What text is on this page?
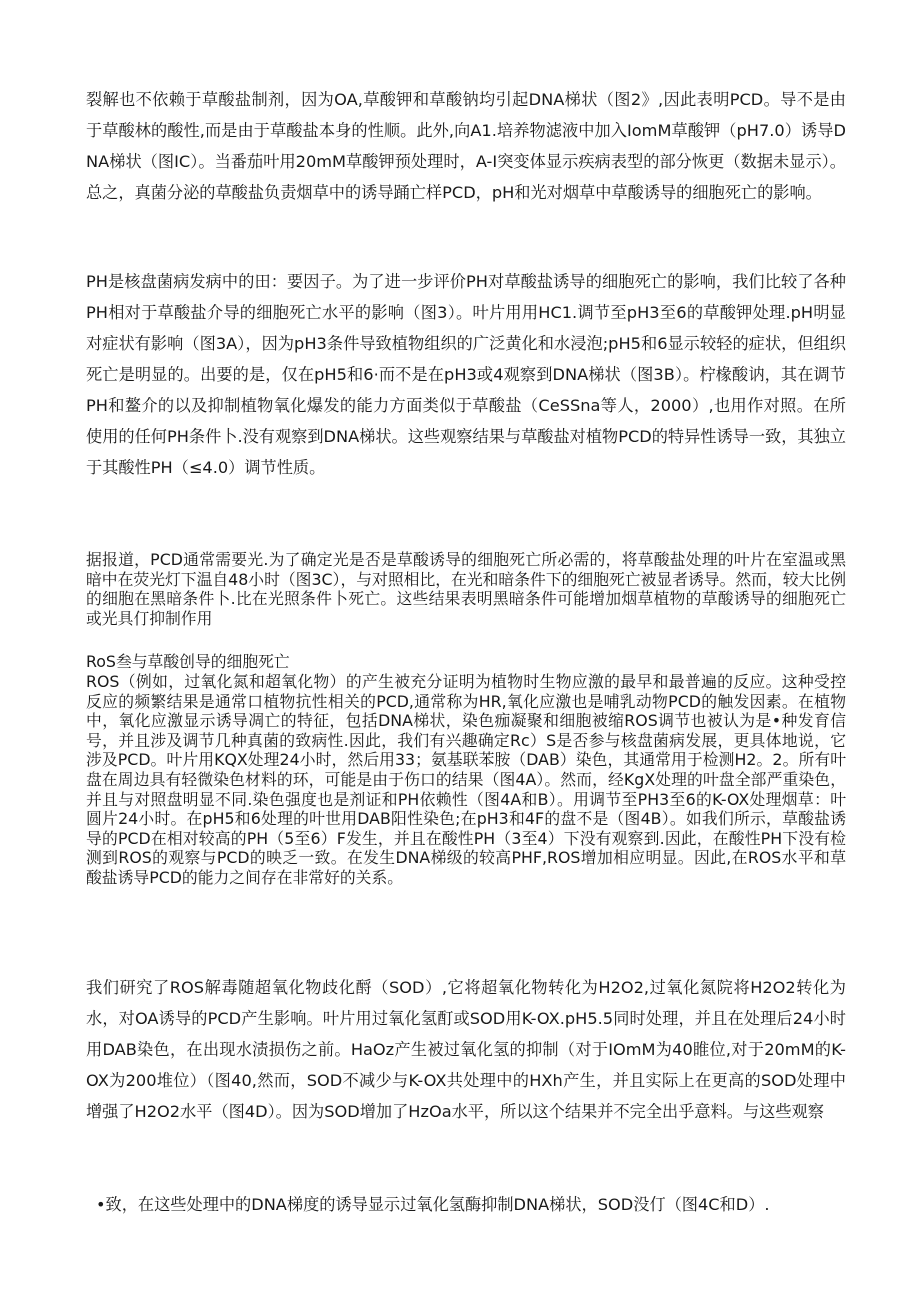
裂解也不依赖于草酸盐制剂，因为OA,草酸钾和草酸钠均引起DNA梯状（图2》,因此表明PCD。导不是由于草酸林的酸性,而是由于草酸盐本身的性顺。此外,向A1.培养物滤液中加入IomM草酸钾（pH7.0）诱导DNA梯状（图IC）。当番茄叶用20mM草酸钾预处理时，A-I突变体显示疾病表型的部分恢更（数据未显示）。总之，真菌分泌的草酸盐负责烟草中的诱导踊亡样PCD，pH和光对烟草中草酸诱导的细胞死亡的影响。

PH是核盘菌病发病中的田：要因子。为了进一步评价PH对草酸盐诱导的细胞死亡的影响，我们比较了各种PH相对于草酸盐介导的细胞死亡水平的影响（图3）。叶片用用HC1.调节至pH3至6的草酸钾处理.pH明显对症状有影响（图3A），因为pH3条件导致植物组织的广泛黄化和水浸泡;pH5和6显示较轻的症状，但组织死亡是明显的。出要的是，仅在pH5和6·而不是在pH3或4观察到DNA梯状（图3B）。柠椽酸讷，其在调节PH和鳌介的以及抑制植物氧化爆发的能力方面类似于草酸盐（CeSSna等人，2000）,也用作对照。在所使用的任何PH条件卜.没有观察到DNA梯状。这些观察结果与草酸盐对植物PCD的特异性诱导一致，其独立于其酸性PH（≤4.0）调节性质。

据报道，PCD通常需要光.为了确定光是否是草酸诱导的细胞死亡所必需的，将草酸盐处理的叶片在室温或黑暗中在荧光灯下温自48小时（图3C），与对照相比，在光和暗条件下的细胞死亡被显者诱导。然而，较大比例的细胞在黑暗条件卜.比在光照条件卜死亡。这些结果表明黑暗条件可能增加烟草植物的草酸诱导的细胞死亡或光具仃抑制作用

RoS叁与草酸创导的细胞死亡

ROS（例如，过氧化氮和超氧化物）的产生被充分证明为植物时生物应激的最早和最普遍的反应。这种受控反应的频繁结果是通常口植物抗性相关的PCD,通常称为HR,氧化应激也是哺乳动物PCD的触发因素。在植物中，氧化应激显示诱导凋亡的特征，包括DNA梯状，染色痂凝聚和细胞被缩ROS调节也被认为是•种发育信号，并且涉及调节几种真菌的致病性.因此，我们有兴趣确定Rc）S是否参与核盘菌病发展，更具体地说，它涉及PCD。叶片用KQX处理24小时，然后用33；氨基联苯胺（DAB）染色，其通常用于检测H2。2。所有叶盘在周边具有轻微染色材料的环，可能是由于伤口的结果（图4A）。然而，经KgX处理的叶盘全部严重染色，并且与对照盘明显不同.染色强度也是剂证和PH依赖性（图4A和B）。用调节至PH3至6的K-OX处理烟草：叶圆片24小时。在pH5和6处理的叶世用DAB阳性染色;在pH3和4F的盘不是（图4B）。如我们所示，草酸盐诱导的PCD在相对较高的PH（5至6）F发生，并且在酸性PH（3至4）下没有观察到.因此，在酸性PH下没有检测到ROS的观察与PCD的映乏一致。在发生DNA梯级的较高PHF,ROS增加相应明显。因此,在ROS水平和草酸盐诱导PCD的能力之间存在非常好的关系。

我们研究了ROS解毒随超氧化物歧化酹（SOD）,它将超氧化物转化为H2O2,过氧化氮院将H2O2转化为水，对OA诱导的PCD产生影响。叶片用过氧化氢酊或SOD用K-OX.pH5.5同时处理，并且在处理后24小时用DAB染色，在出现水渍损伤之前。HaOz产生被过氧化氢的抑制（对于IOmM为40睢位,对于20mM的K-OX为200堆位）（图40,然而，SOD不减少与K-OX共处理中的HXh产生，并且实际上在更高的SOD处理中增强了H2O2水平（图4D）。因为SOD增加了HzOa水平，所以这个结果并不完全出乎意料。与这些观察

•致，在这些处理中的DNA梯度的诱导显示过氧化氢酶抑制DNA梯状，SOD没仃（图4C和D）.
